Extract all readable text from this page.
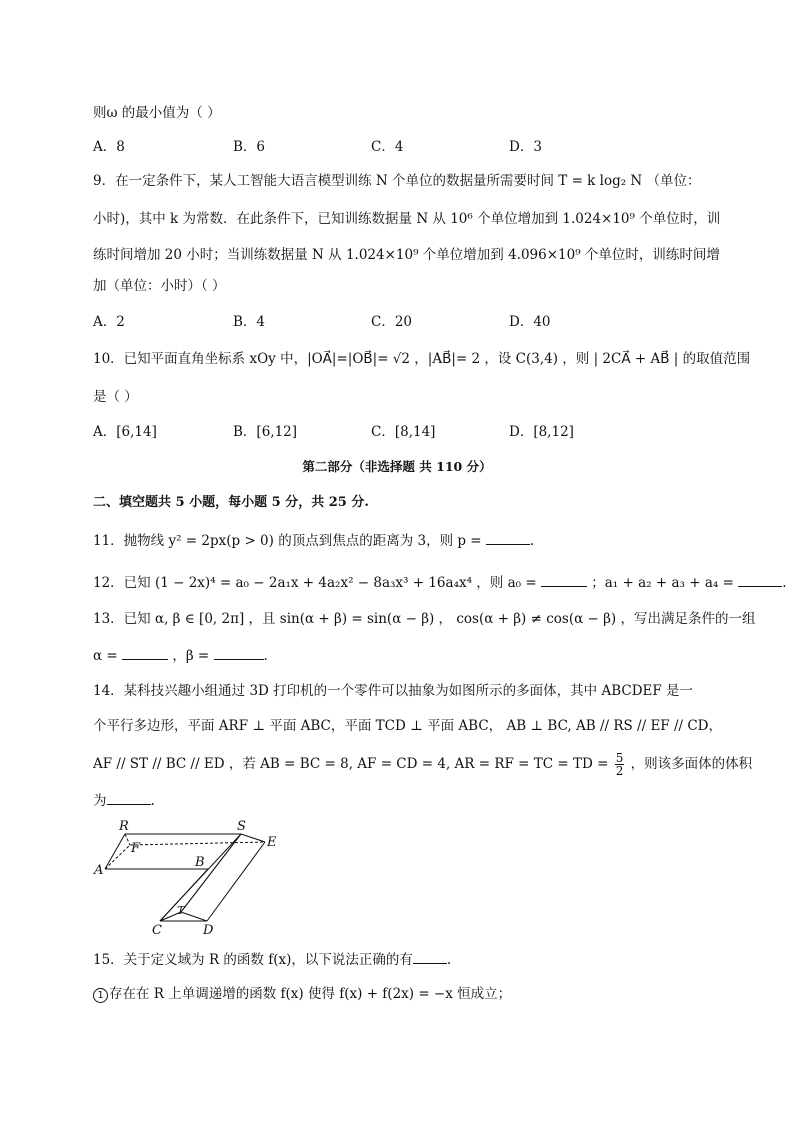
则ω 的最小值为（ ）
A．8	B．6	C．4	D．3
9．在一定条件下，某人工智能大语言模型训练 N 个单位的数据量所需要时间 T = k log₂ N （单位：
小时)，其中 k 为常数．在此条件下，已知训练数据量 N 从 10⁶ 个单位增加到 1.024×10⁹ 个单位时，训
练时间增加 20 小时；当训练数据量 N 从 1.024×10⁹ 个单位增加到 4.096×10⁹ 个单位时，训练时间增
加（单位：小时）（ ）
A．2	B．4	C．20	D．40
10．已知平面直角坐标系 xOy 中，|OA⃗|=|OB⃗|= √2 ，|AB⃗|= 2 ，设 C(3,4) ，则 | 2CA⃗ + AB⃗ | 的取值范围
是（ ）
A．[6,14]	B．[6,12]	C．[8,14]	D．[8,12]
第二部分（非选择题 共 110 分）
二、填空题共 5 小题，每小题 5 分，共 25 分.
11．抛物线 y² = 2px(p > 0) 的顶点到焦点的距离为 3，则 p =	.
12．已知 (1 − 2x)⁴ = a₀ − 2a₁x + 4a₂x² − 8a₃x³ + 16a₄x⁴ ，则 a₀ =	；a₁ + a₂ + a₃ + a₄ =	.
13．已知 α, β ∈ [0, 2π] ，且 sin(α + β) = sin(α − β) ， cos(α + β) ≠ cos(α − β) ，写出满足条件的一组
α =	，β =	.
14．某科技兴趣小组通过 3D 打印机的一个零件可以抽象为如图所示的多面体，其中 ABCDEF 是一
个平行多边形，平面 ARF ⊥ 平面 ABC，平面 TCD ⊥ 平面 ABC， AB ⊥ BC, AB // RS // EF // CD，
AF // ST // BC // ED ，若 AB = BC = 8, AF = CD = 4, AR = RF = TC = TD = $\frac{5}{2}$ ，则该多面体的体积
为	.
R	S
E
F
A
B
T
C	D
15．关于定义域为 R 的函数 f(x)，以下说法正确的有	.
1 存在在 R 上单调递增的函数 f(x) 使得 f(x) + f(2x) = −x 恒成立；
